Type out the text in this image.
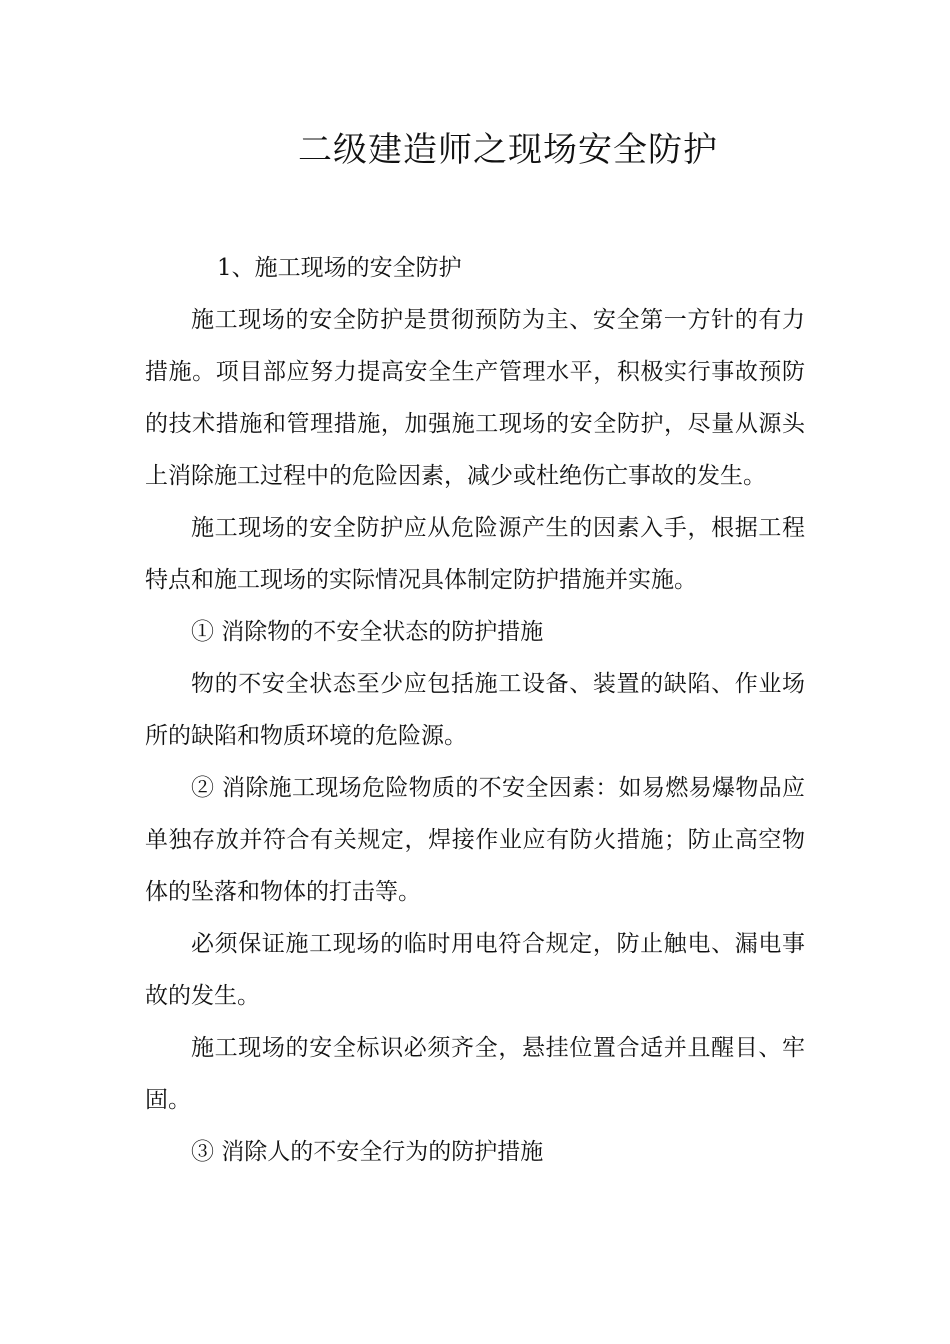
二级建造师之现场安全防护

1、施工现场的安全防护

施工现场的安全防护是贯彻预防为主、安全第一方针的有力措施。项目部应努力提高安全生产管理水平，积极实行事故预防的技术措施和管理措施，加强施工现场的安全防护，尽量从源头上消除施工过程中的危险因素，减少或杜绝伤亡事故的发生。

施工现场的安全防护应从危险源产生的因素入手，根据工程特点和施工现场的实际情况具体制定防护措施并实施。

① 消除物的不安全状态的防护措施

物的不安全状态至少应包括施工设备、装置的缺陷、作业场所的缺陷和物质环境的危险源。

② 消除施工现场危险物质的不安全因素：如易燃易爆物品应单独存放并符合有关规定，焊接作业应有防火措施；防止高空物体的坠落和物体的打击等。

必须保证施工现场的临时用电符合规定，防止触电、漏电事故的发生。

施工现场的安全标识必须齐全，悬挂位置合适并且醒目、牢固。

③ 消除人的不安全行为的防护措施
